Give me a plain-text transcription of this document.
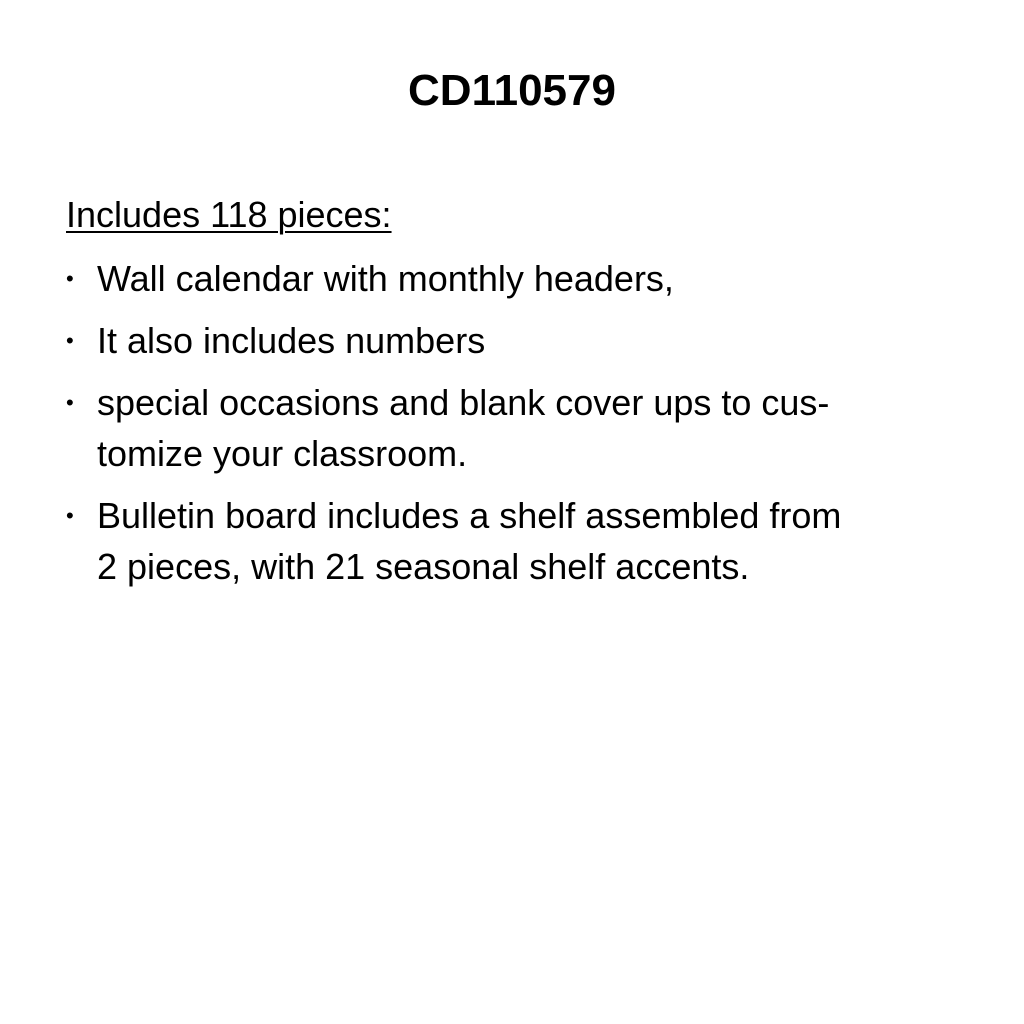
CD110579

Includes 118 pieces:

• Wall calendar with monthly headers,
• It also includes numbers
• special occasions and blank cover ups to cus-
tomize your classroom.
• Bulletin board includes a shelf assembled from
2 pieces, with 21 seasonal shelf accents.
